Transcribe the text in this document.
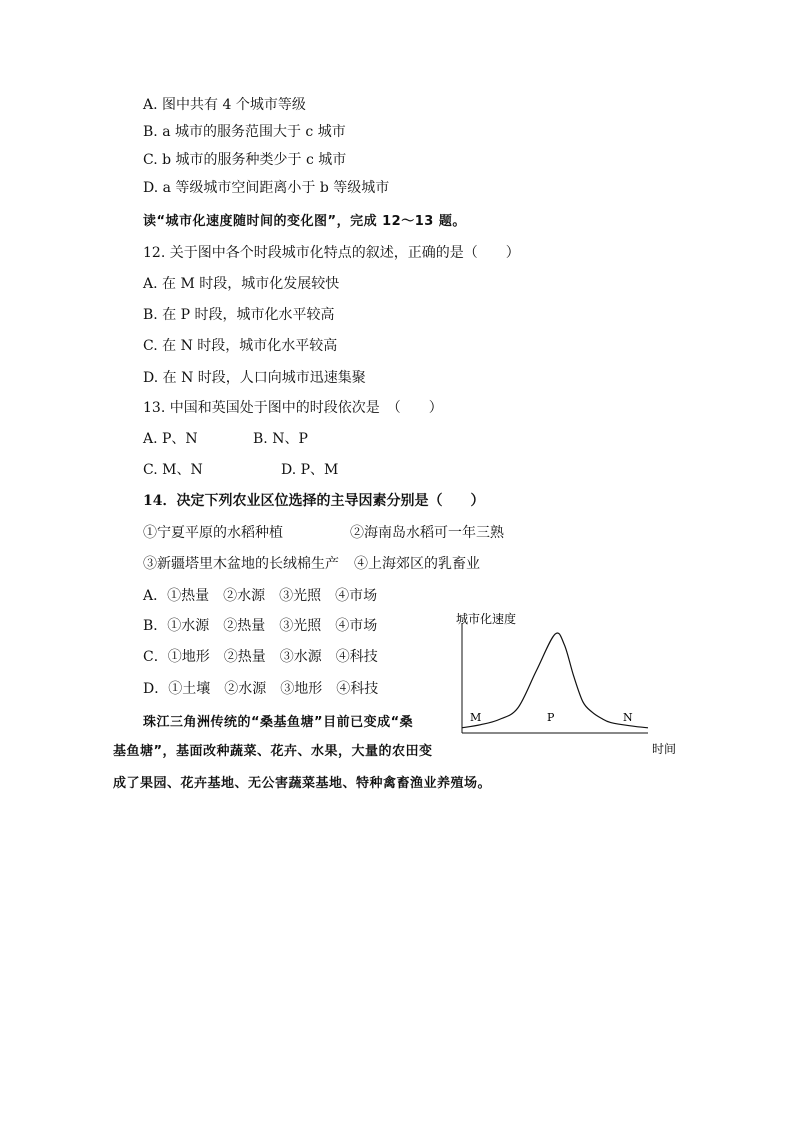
A. 图中共有 4 个城市等级
B. a 城市的服务范围大于 c 城市
C. b 城市的服务种类少于 c 城市
D. a 等级城市空间距离小于 b 等级城市
读“城市化速度随时间的变化图”，完成 12～13 题。
12. 关于图中各个时段城市化特点的叙述，正确的是（　　）
A. 在 M 时段，城市化发展较快
B. 在 P 时段，城市化水平较高
C. 在 N 时段，城市化水平较高
D. 在 N 时段，人口向城市迅速集聚
13. 中国和英国处于图中的时段依次是　（　　）
A. P、N	B. N、P
C. M、N	D. P、M
14．决定下列农业区位选择的主导因素分别是（　　）
①宁夏平原的水稻种植	②海南岛水稻可一年三熟
③新疆塔里木盆地的长绒棉生产 ④上海郊区的乳畜业
A．①热量　②水源　③光照　④市场
B．①水源　②热量　③光照　④市场
C．①地形　②热量　③水源　④科技
D．①土壤　②水源　③地形　④科技
珠江三角洲传统的“桑基鱼塘”目前已变成“桑
基鱼塘”，基面改种蔬菜、花卉、水果，大量的农田变
成了果园、花卉基地、无公害蔬菜基地、特种禽畜渔业养殖场。
城市化速度
时间
M	P	N
